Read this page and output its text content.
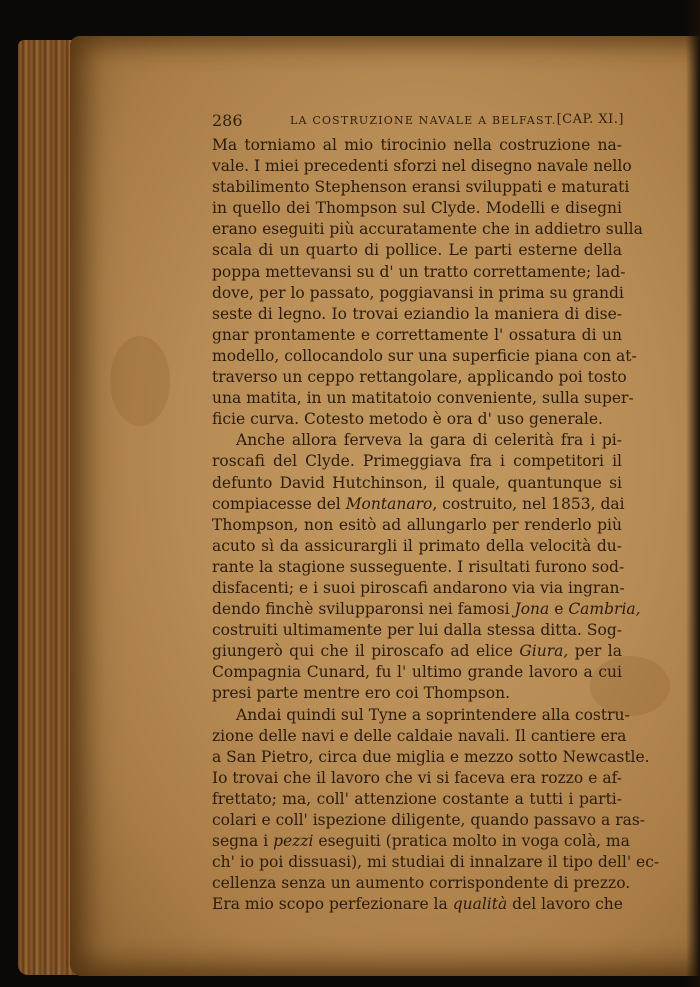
286	LA COSTRUZIONE NAVALE A BELFAST. [CAP. XI.]
Ma torniamo al mio tirocinio nella costruzione na-
vale. I miei precedenti sforzi nel disegno navale nello
stabilimento Stephenson eransi sviluppati e maturati
in quello dei Thompson sul Clyde. Modelli e disegni
erano eseguiti più accuratamente che in addietro sulla
scala di un quarto di pollice. Le parti esterne della
poppa mettevansi su d' un tratto correttamente; lad-
dove, per lo passato, poggiavansi in prima su grandi
seste di legno. Io trovai eziandio la maniera di dise-
gnar prontamente e correttamente l' ossatura di un
modello, collocandolo sur una superficie piana con at-
traverso un ceppo rettangolare, applicando poi tosto
una matita, in un matitatoio conveniente, sulla super-
ficie curva. Cotesto metodo è ora d' uso generale.
Anche allora ferveva la gara di celerità fra i pi-
roscafi del Clyde. Primeggiava fra i competitori il
defunto David Hutchinson, il quale, quantunque si
compiacesse del Montanaro, costruito, nel 1853, dai
Thompson, non esitò ad allungarlo per renderlo più
acuto sì da assicurargli il primato della velocità du-
rante la stagione susseguente. I risultati furono sod-
disfacenti; e i suoi piroscafi andarono via via ingran-
dendo finchè svilupparonsi nei famosi Jona e Cambria,
costruiti ultimamente per lui dalla stessa ditta. Sog-
giungerò qui che il piroscafo ad elice Giura, per la
Compagnia Cunard, fu l' ultimo grande lavoro a cui
presi parte mentre ero coi Thompson.
Andai quindi sul Tyne a soprintendere alla costru-
zione delle navi e delle caldaie navali. Il cantiere era
a San Pietro, circa due miglia e mezzo sotto Newcastle.
Io trovai che il lavoro che vi si faceva era rozzo e af-
frettato; ma, coll' attenzione costante a tutti i parti-
colari e coll' ispezione diligente, quando passavo a ras-
segna i pezzi eseguiti (pratica molto in voga colà, ma
ch' io poi dissuasi), mi studiai di innalzare il tipo dell' ec-
cellenza senza un aumento corrispondente di prezzo.
Era mio scopo perfezionare la qualità del lavoro che
